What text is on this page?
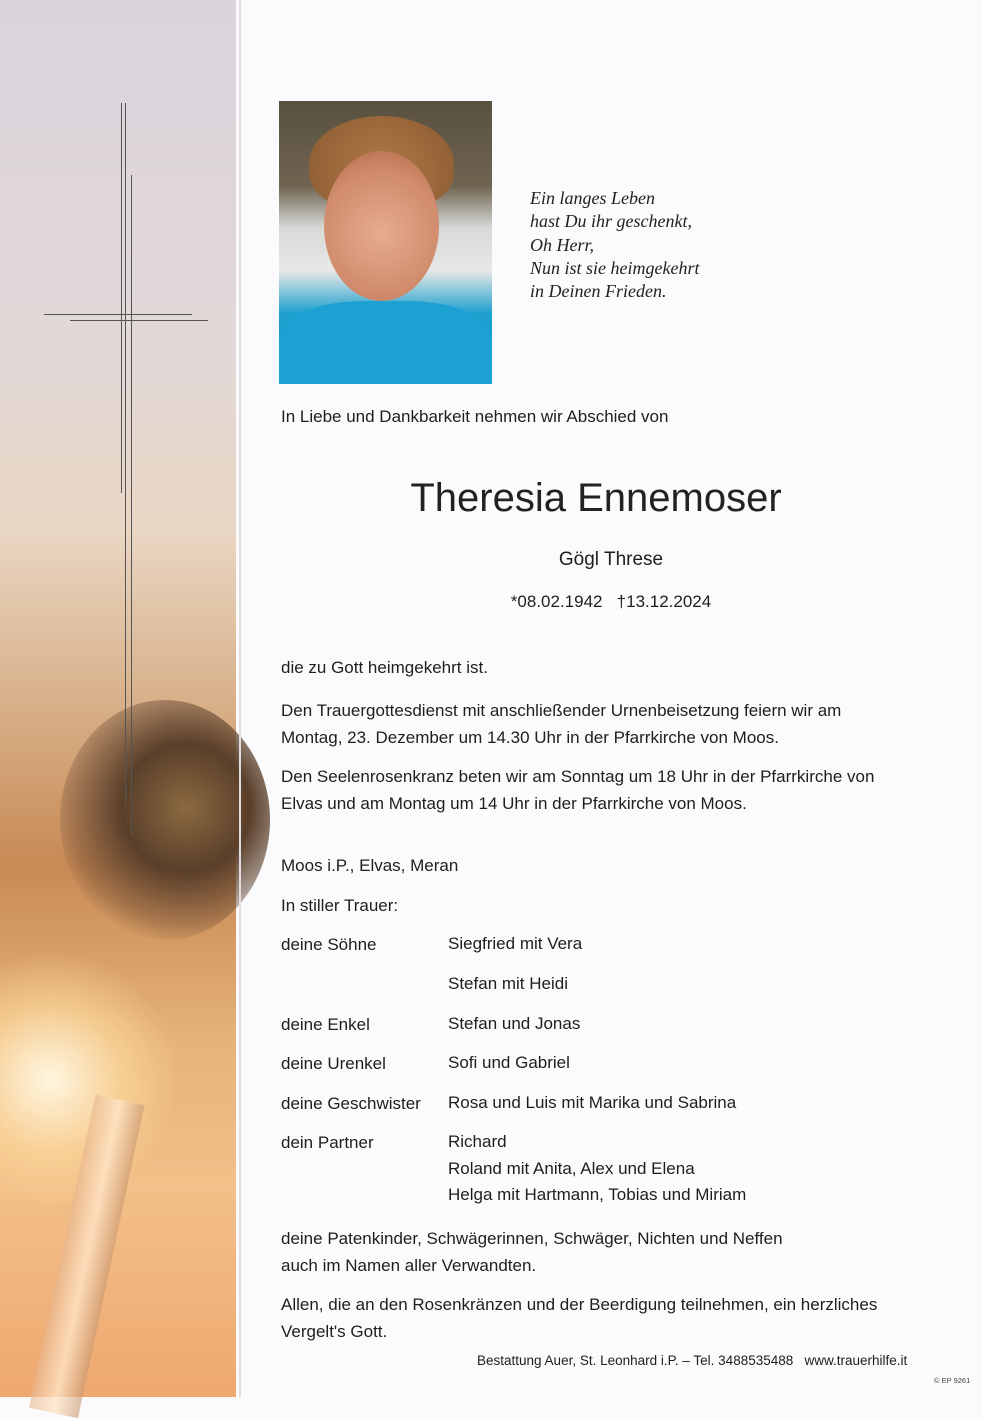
Ein langes Leben
hast Du ihr geschenkt,
Oh Herr,
Nun ist sie heimgekehrt
in Deinen Frieden.
In Liebe und Dankbarkeit nehmen wir Abschied von
Theresia Ennemoser
Gögl Threse
*08.02.1942   †13.12.2024
die zu Gott heimgekehrt ist.
Den Trauergottesdienst mit anschließender Urnenbeisetzung feiern wir am
Montag, 23. Dezember um 14.30 Uhr in der Pfarrkirche von Moos.
Den Seelenrosenkranz beten wir am Sonntag um 18 Uhr in der Pfarrkirche von
Elvas und am Montag um 14 Uhr in der Pfarrkirche von Moos.
Moos i.P., Elvas, Meran
In stiller Trauer:
deine Söhne	Siegfried mit Vera
Stefan mit Heidi
deine Enkel	Stefan und Jonas
deine Urenkel	Sofi und Gabriel
deine Geschwister Rosa und Luis mit Marika und Sabrina
dein Partner	Richard
Roland mit Anita, Alex und Elena
Helga mit Hartmann, Tobias und Miriam
deine Patenkinder, Schwägerinnen, Schwäger, Nichten und Neffen
auch im Namen aller Verwandten.
Allen, die an den Rosenkränzen und der Beerdigung teilnehmen, ein herzliches
Vergelt's Gott.
Bestattung Auer, St. Leonhard i.P. – Tel. 3488535488   www.trauerhilfe.it
© EP 9261
